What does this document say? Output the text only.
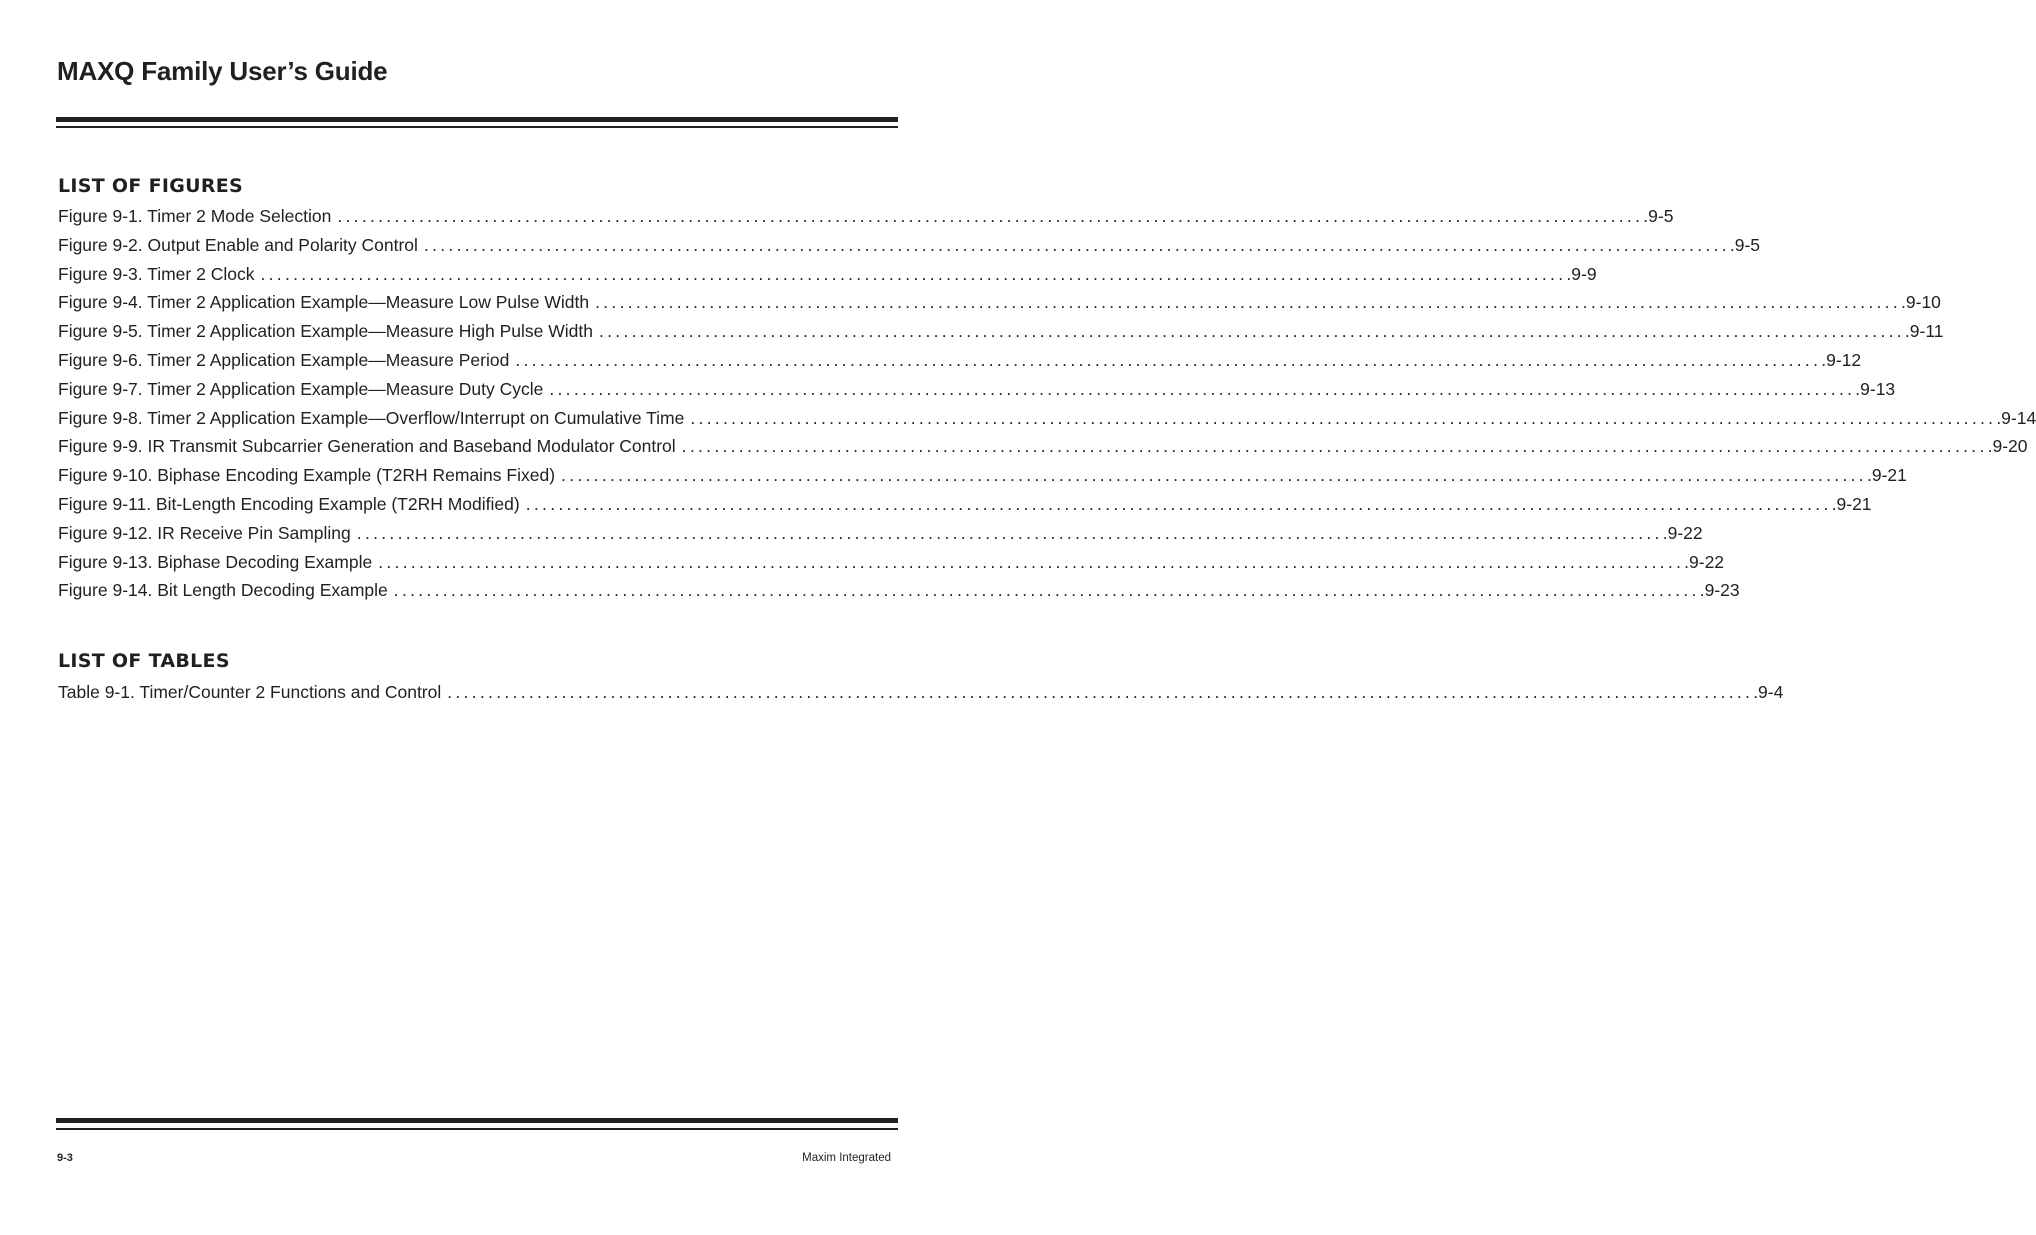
MAXQ Family User’s Guide
LIST OF FIGURES
Figure 9-1. Timer 2 Mode Selection ................................................................................................................................................................ .9-5
Figure 9-2. Output Enable and Polarity Control ................................................................................................................................................................ .9-5
Figure 9-3. Timer 2 Clock ................................................................................................................................................................ .9-9
Figure 9-4. Timer 2 Application Example—Measure Low Pulse Width ................................................................................................................................................................ .9-10
Figure 9-5. Timer 2 Application Example—Measure High Pulse Width ................................................................................................................................................................ .9-11
Figure 9-6. Timer 2 Application Example—Measure Period ................................................................................................................................................................ .9-12
Figure 9-7. Timer 2 Application Example—Measure Duty Cycle ................................................................................................................................................................ .9-13
Figure 9-8. Timer 2 Application Example—Overflow/Interrupt on Cumulative Time ................................................................................................................................................................ .9-14
Figure 9-9. IR Transmit Subcarrier Generation and Baseband Modulator Control ................................................................................................................................................................ .9-20
Figure 9-10. Biphase Encoding Example (T2RH Remains Fixed) ................................................................................................................................................................ .9-21
Figure 9-11. Bit-Length Encoding Example (T2RH Modified) ................................................................................................................................................................ .9-21
Figure 9-12. IR Receive Pin Sampling ................................................................................................................................................................ .9-22
Figure 9-13. Biphase Decoding Example ................................................................................................................................................................ .9-22
Figure 9-14. Bit Length Decoding Example ................................................................................................................................................................ .9-23
LIST OF TABLES
Table 9-1. Timer/Counter 2 Functions and Control ................................................................................................................................................................ .9-4
9-3	Maxim Integrated
